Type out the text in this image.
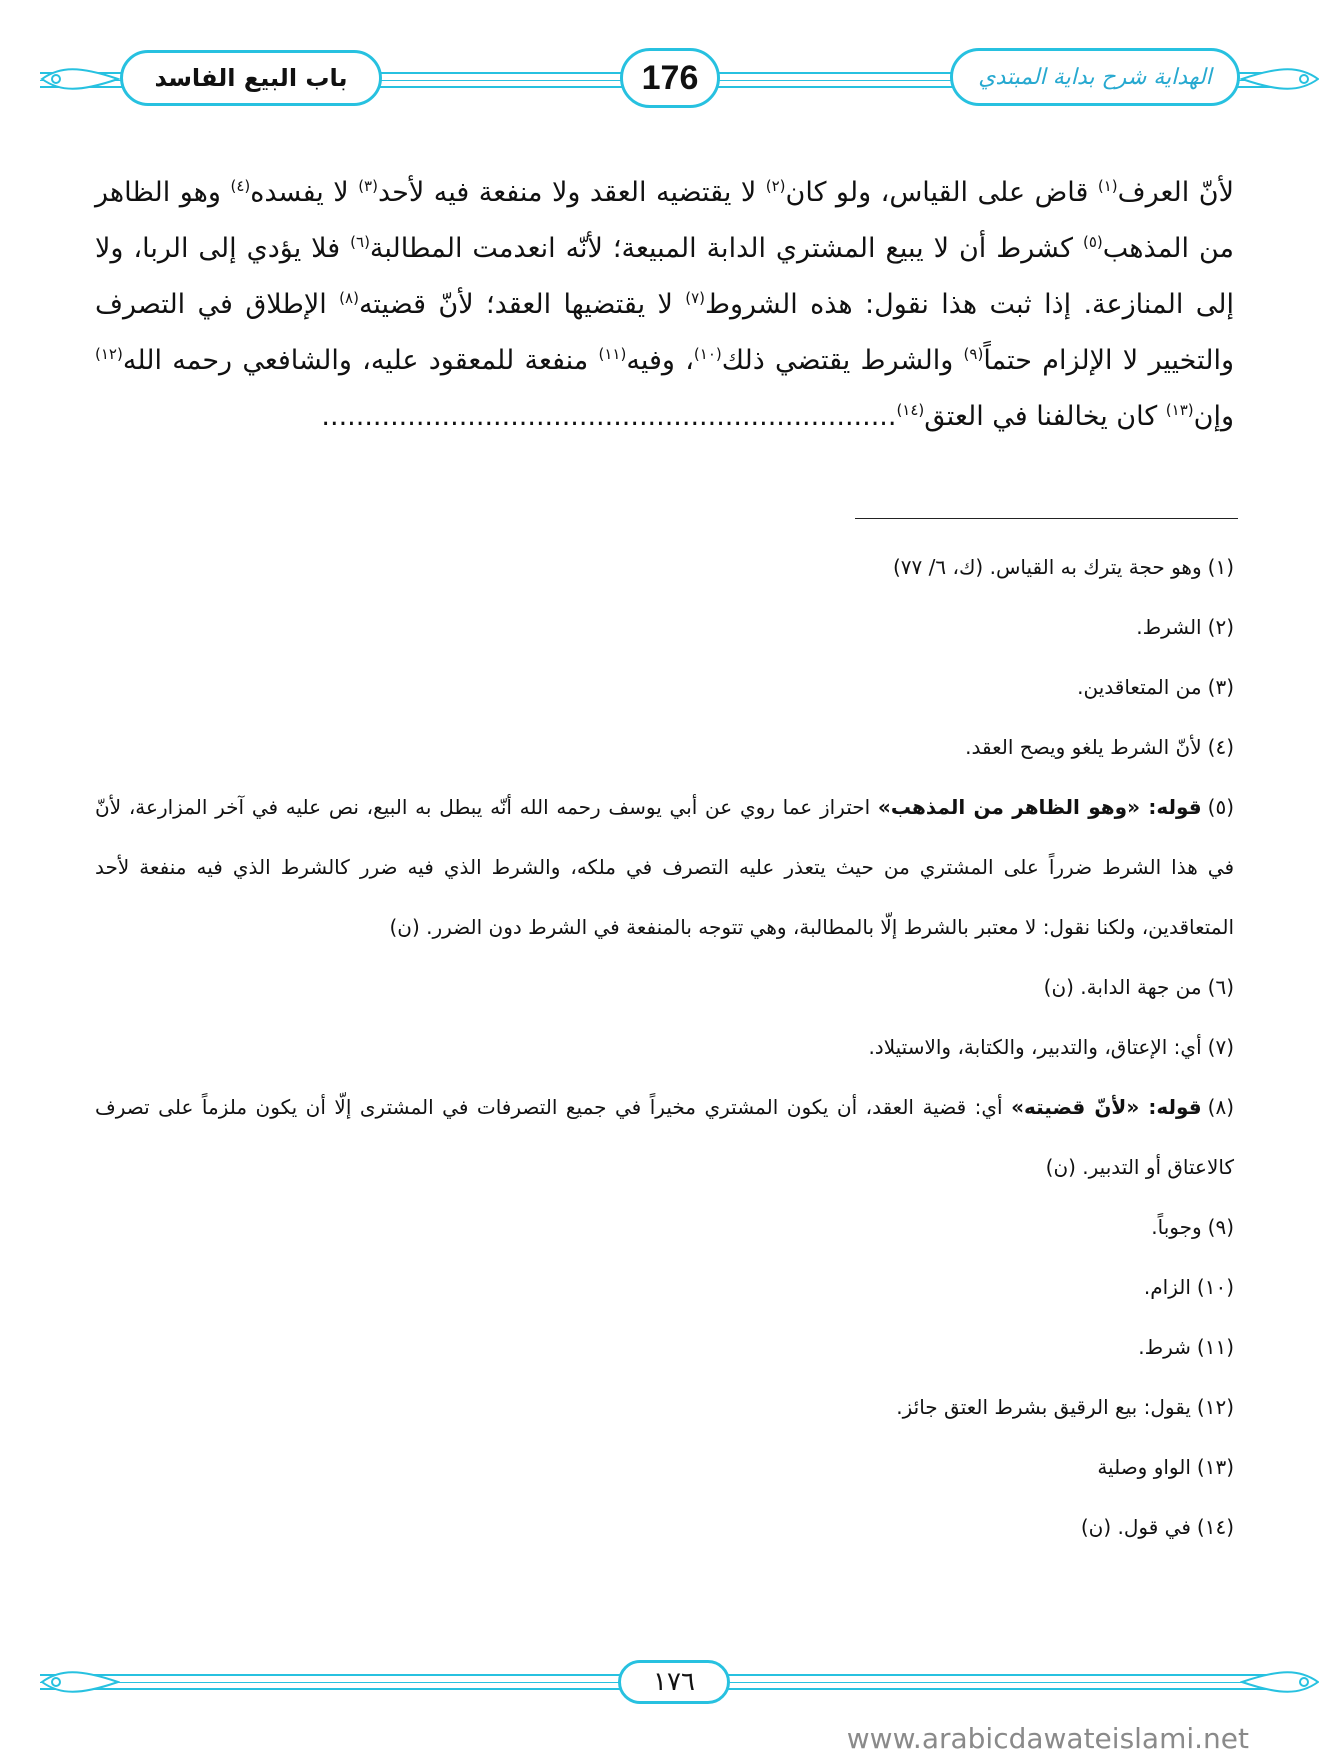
باب البيع الفاسد	176	الهداية شرح بداية المبتدي

لأنّ العرف$^{(١)}$ قاض على القياس، ولو كان$^{(٢)}$ لا يقتضيه العقد ولا منفعة فيه لأحد$^{(٣)}$ لا يفسده$^{(٤)}$ وهو الظاهر من المذهب$^{(٥)}$ كشرط أن لا يبيع المشتري الدابة المبيعة؛ لأنّه انعدمت المطالبة$^{(٦)}$ فلا يؤدي إلى الربا، ولا إلى المنازعة. إذا ثبت هذا نقول: هذه الشروط$^{(٧)}$ لا يقتضيها العقد؛ لأنّ قضيته$^{(٨)}$ الإطلاق في التصرف والتخيير لا الإلزام حتماً$^{(٩)}$ والشرط يقتضي ذلك$^{(١٠)}$، وفيه$^{(١١)}$ منفعة للمعقود عليه، والشافعي رحمه الله$^{(١٢)}$ وإن$^{(١٣)}$ كان يخالفنا في العتق$^{(١٤)}$...................................................................

(١)وهو حجة يترك به القياس. (ك، ٦/ ٧٧)

(٢)الشرط.

(٣)من المتعاقدين.

(٤)لأنّ الشرط يلغو ويصح العقد.

(٥)قوله: «وهو الظاهر من المذهب» احتراز عما روي عن أبي يوسف رحمه الله أنّه يبطل به البيع، نص عليه في آخر المزارعة، لأنّ في هذا الشرط ضرراً على المشتري من حيث يتعذر عليه التصرف في ملكه، والشرط الذي فيه ضرر كالشرط الذي فيه منفعة لأحد المتعاقدين، ولكنا نقول: لا معتبر بالشرط إلّا بالمطالبة، وهي تتوجه بالمنفعة في الشرط دون الضرر. (ن)

(٦)من جهة الدابة. (ن)

(٧)أي: الإعتاق، والتدبير، والكتابة، والاستيلاد.

(٨)قوله: «لأنّ قضيته» أي: قضية العقد، أن يكون المشتري مخيراً في جميع التصرفات في المشترى إلّا أن يكون ملزماً على تصرف كالاعتاق أو التدبير. (ن)

(٩)وجوباً.

(١٠)الزام.

(١١)شرط.

(١٢)يقول: بيع الرقيق بشرط العتق جائز.

(١٣)الواو وصلية

(١٤)في قول. (ن)

١٧٦
www.arabicdawateislami.net
